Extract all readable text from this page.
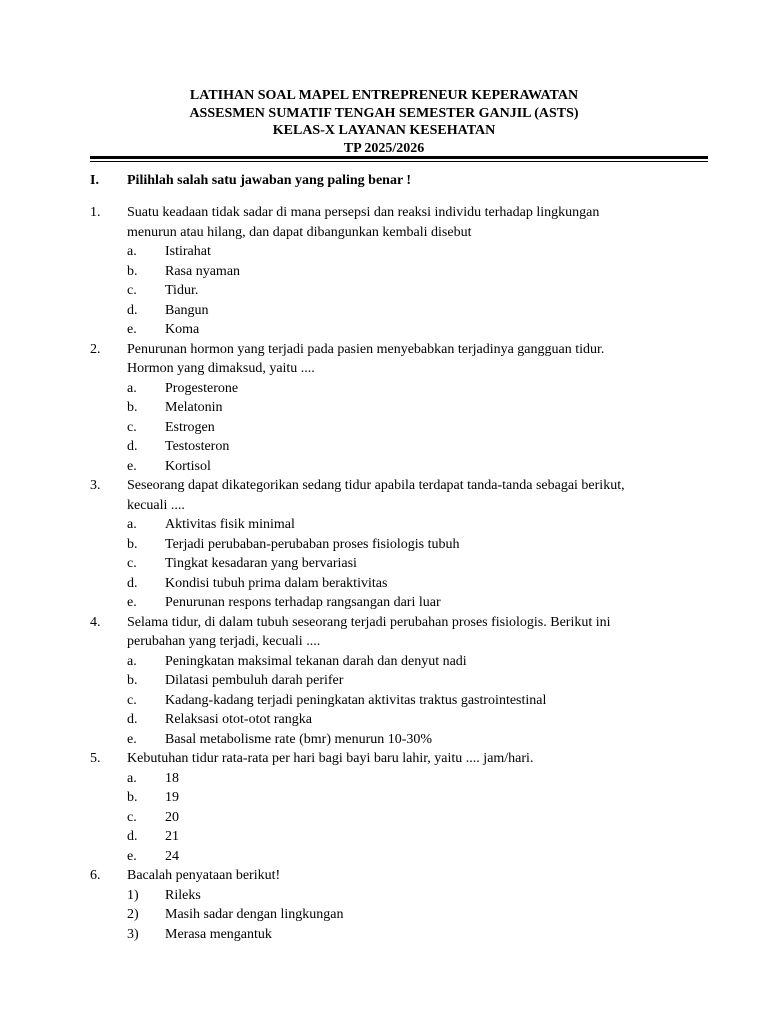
LATIHAN SOAL MAPEL ENTREPRENEUR KEPERAWATAN
ASSESMEN SUMATIF TENGAH SEMESTER GANJIL (ASTS)
KELAS-X LAYANAN KESEHATAN
TP 2025/2026
I.	Pilihlah salah satu jawaban yang paling benar !
1. Suatu keadaan tidak sadar di mana persepsi dan reaksi individu terhadap lingkungan
menurun atau hilang, dan dapat dibangunkan kembali disebut
a. Istirahat
b. Rasa nyaman
c. Tidur.
d. Bangun
e. Koma
2. Penurunan hormon yang terjadi pada pasien menyebabkan terjadinya gangguan tidur.
Hormon yang dimaksud, yaitu ....
a. Progesterone
b. Melatonin
c. Estrogen
d. Testosteron
e. Kortisol
3. Seseorang dapat dikategorikan sedang tidur apabila terdapat tanda-tanda sebagai berikut,
kecuali ....
a. Aktivitas fisik minimal
b. Terjadi perubaban-perubaban proses fisiologis tubuh
c. Tingkat kesadaran yang bervariasi
d. Kondisi tubuh prima dalam beraktivitas
e. Penurunan respons terhadap rangsangan dari luar
4. Selama tidur, di dalam tubuh seseorang terjadi perubahan proses fisiologis. Berikut ini
perubahan yang terjadi, kecuali ....
a. Peningkatan maksimal tekanan darah dan denyut nadi
b. Dilatasi pembuluh darah perifer
c. Kadang-kadang terjadi peningkatan aktivitas traktus gastrointestinal
d. Relaksasi otot-otot rangka
e. Basal metabolisme rate (bmr) menurun 10-30%
5. Kebutuhan tidur rata-rata per hari bagi bayi baru lahir, yaitu .... jam/hari.
a. 18
b. 19
c. 20
d. 21
e. 24
6. Bacalah penyataan berikut!
1) Rileks
2) Masih sadar dengan lingkungan
3) Merasa mengantuk
